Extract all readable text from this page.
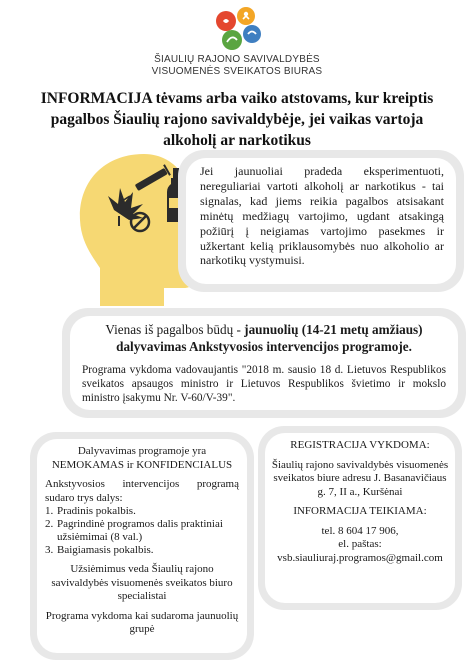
ŠIAULIŲ RAJONO SAVIVALDYBĖS
VISUOMENĖS SVEIKATOS BIURAS
INFORMACIJA tėvams arba vaiko atstovams, kur kreiptis
pagalbos Šiaulių rajono savivaldybėje, jei vaikas vartoja
alkoholį ar narkotikus
Jei jaunuoliai pradeda eksperimentuoti, nereguliariai vartoti alkoholį ar narkotikus - tai signalas, kad jiems reikia pagalbos atsisakant minėtų medžiagų vartojimo, ugdant atsakingą požiūrį į neigiamas vartojimo pasekmes ir užkertant kelią priklausomybės nuo alkoholio ar narkotikų vystymuisi.
Vienas iš pagalbos būdų - jaunuolių (14-21 metų amžiaus)
dalyvavimas Ankstyvosios intervencijos programoje.
Programa vykdoma vadovaujantis "2018 m. sausio 18 d. Lietuvos Respublikos sveikatos apsaugos ministro ir Lietuvos Respublikos švietimo ir mokslo ministro įsakymu Nr. V-60/V-39".
Dalyvavimas programoje yra
NEMOKAMAS ir KONFIDENCIALUS
Ankstyvosios intervencijos programą sudaro trys dalys:
1. Pradinis pokalbis.
2. Pagrindinė programos dalis praktiniai užsiėmimai (8 val.)
3. Baigiamasis pokalbis.
Užsiėmimus veda Šiaulių rajono savivaldybės visuomenės sveikatos biuro specialistai
Programa vykdoma kai sudaroma jaunuolių grupė
REGISTRACIJA VYKDOMA:
Šiaulių rajono savivaldybės visuomenės sveikatos biure adresu J. Basanavičiaus g. 7, II a., Kuršėnai
INFORMACIJA TEIKIAMA:
tel. 8 604 17 906,
el. paštas:
vsb.siauliuraj.programos@gmail.com
